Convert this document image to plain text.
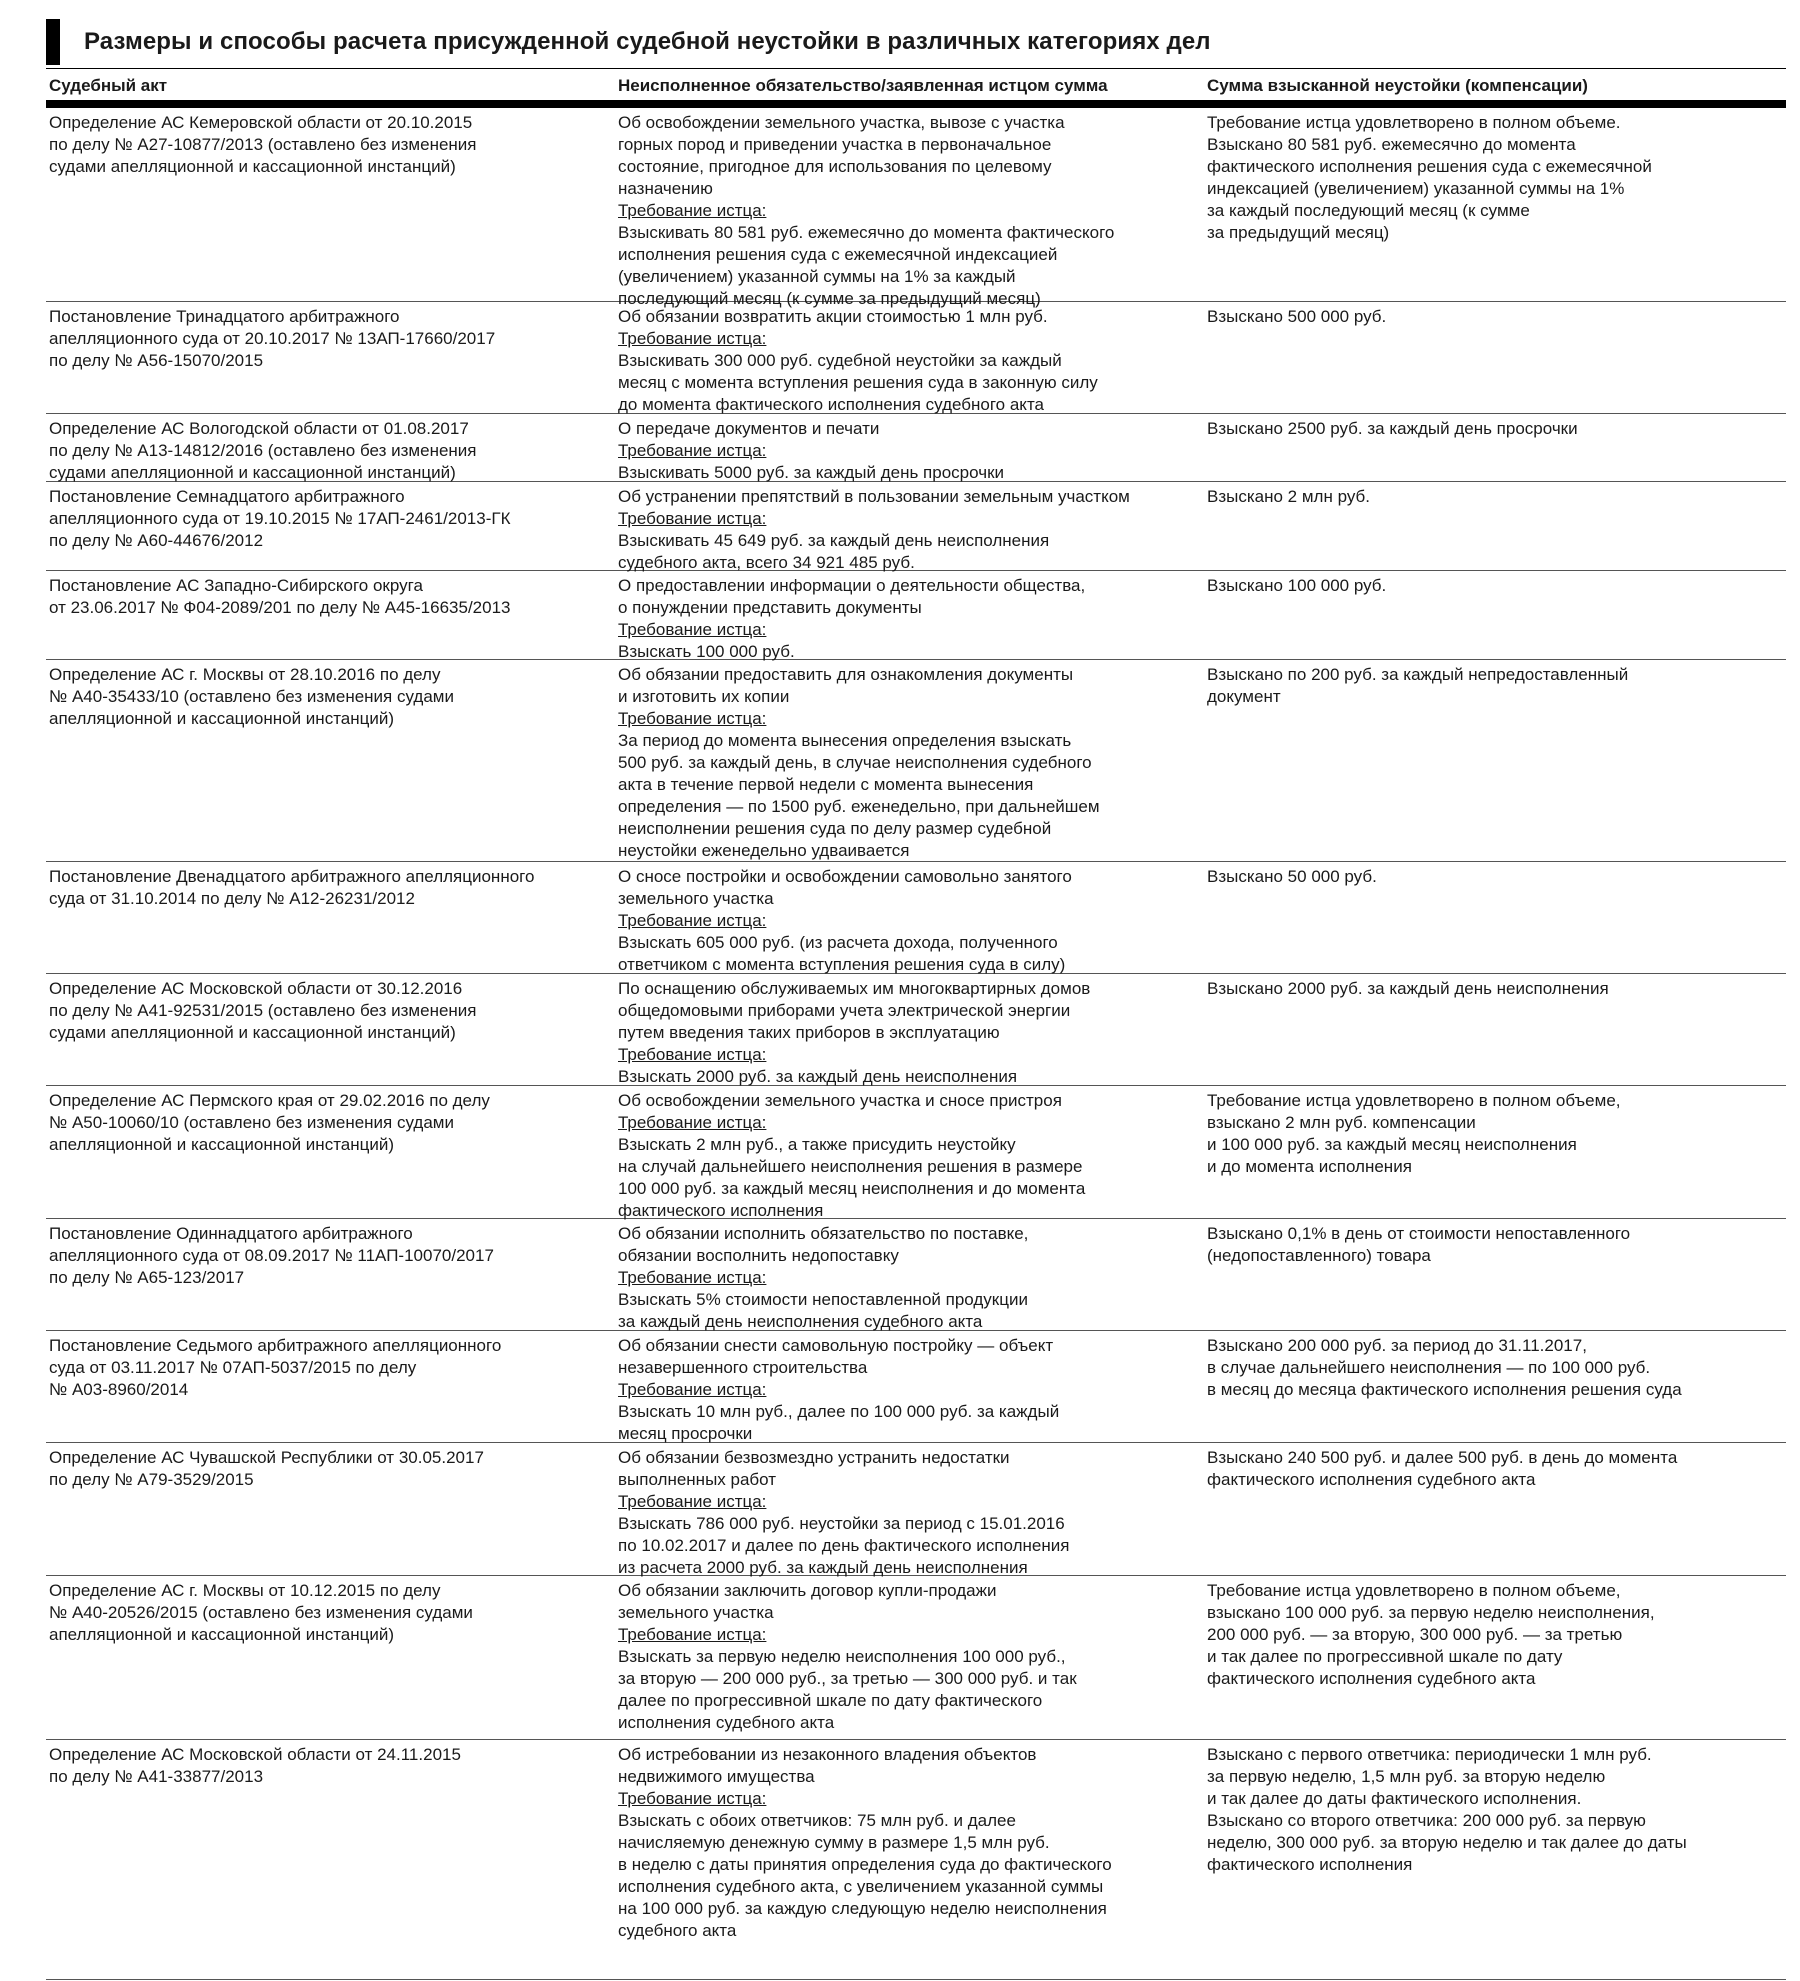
Размеры и способы расчета присужденной судебной неустойки в различных категориях дел
Судебный акт	Неисполненное обязательство/заявленная истцом сумма	Сумма взысканной неустойки (компенсации)
Определение АС Кемеровской области от 20.10.2015
по делу № А27-10877/2013 (оставлено без изменения
судами апелляционной и кассационной инстанций)
Об освобождении земельного участка, вывозе с участка
горных пород и приведении участка в первоначальное
состояние, пригодное для использования по целевому
назначению
Требование истца:
Взыскивать 80 581 руб. ежемесячно до момента фактического
исполнения решения суда с ежемесячной индексацией
(увеличением) указанной суммы на 1% за каждый
последующий месяц (к сумме за предыдущий месяц)
Требование истца удовлетворено в полном объеме.
Взыскано 80 581 руб. ежемесячно до момента
фактического исполнения решения суда с ежемесячной
индексацией (увеличением) указанной суммы на 1%
за каждый последующий месяц (к сумме
за предыдущий месяц)
Постановление Тринадцатого арбитражного
апелляционного суда от 20.10.2017 № 13АП-17660/2017
по делу № А56-15070/2015
Об обязании возвратить акции стоимостью 1 млн руб.
Требование истца:
Взыскивать 300 000 руб. судебной неустойки за каждый
месяц с момента вступления решения суда в законную силу
до момента фактического исполнения судебного акта
Взыскано 500 000 руб.
Определение АС Вологодской области от 01.08.2017
по делу № А13-14812/2016 (оставлено без изменения
судами апелляционной и кассационной инстанций)
О передаче документов и печати
Требование истца:
Взыскивать 5000 руб. за каждый день просрочки
Взыскано 2500 руб. за каждый день просрочки
Постановление Семнадцатого арбитражного
апелляционного суда от 19.10.2015 № 17АП-2461/2013-ГК
по делу № А60-44676/2012
Об устранении препятствий в пользовании земельным участком
Требование истца:
Взыскивать 45 649 руб. за каждый день неисполнения
судебного акта, всего 34 921 485 руб.
Взыскано 2 млн руб.
Постановление АС Западно-Сибирского округа
от 23.06.2017 № Ф04-2089/201 по делу № А45-16635/2013
О предоставлении информации о деятельности общества,
о понуждении представить документы
Требование истца:
Взыскать 100 000 руб.
Взыскано 100 000 руб.
Определение АС г. Москвы от 28.10.2016 по делу
№ А40-35433/10 (оставлено без изменения судами
апелляционной и кассационной инстанций)
Об обязании предоставить для ознакомления документы
и изготовить их копии
Требование истца:
За период до момента вынесения определения взыскать
500 руб. за каждый день, в случае неисполнения судебного
акта в течение первой недели с момента вынесения
определения — по 1500 руб. еженедельно, при дальнейшем
неисполнении решения суда по делу размер судебной
неустойки еженедельно удваивается
Взыскано по 200 руб. за каждый непредоставленный
документ
Постановление Двенадцатого арбитражного апелляционного
суда от 31.10.2014 по делу № А12-26231/2012
О сносе постройки и освобождении самовольно занятого
земельного участка
Требование истца:
Взыскать 605 000 руб. (из расчета дохода, полученного
ответчиком с момента вступления решения суда в силу)
Взыскано 50 000 руб.
Определение АС Московской области от 30.12.2016
по делу № А41-92531/2015 (оставлено без изменения
судами апелляционной и кассационной инстанций)
По оснащению обслуживаемых им многоквартирных домов
общедомовыми приборами учета электрической энергии
путем введения таких приборов в эксплуатацию
Требование истца:
Взыскать 2000 руб. за каждый день неисполнения
Взыскано 2000 руб. за каждый день неисполнения
Определение АС Пермского края от 29.02.2016 по делу
№ А50-10060/10 (оставлено без изменения судами
апелляционной и кассационной инстанций)
Об освобождении земельного участка и сносе пристроя
Требование истца:
Взыскать 2 млн руб., а также присудить неустойку
на случай дальнейшего неисполнения решения в размере
100 000 руб. за каждый месяц неисполнения и до момента
фактического исполнения
Требование истца удовлетворено в полном объеме,
взыскано 2 млн руб. компенсации
и 100 000 руб. за каждый месяц неисполнения
и до момента исполнения
Постановление Одиннадцатого арбитражного
апелляционного суда от 08.09.2017 № 11АП-10070/2017
по делу № А65-123/2017
Об обязании исполнить обязательство по поставке,
обязании восполнить недопоставку
Требование истца:
Взыскать 5% стоимости непоставленной продукции
за каждый день неисполнения судебного акта
Взыскано 0,1% в день от стоимости непоставленного
(недопоставленного) товара
Постановление Седьмого арбитражного апелляционного
суда от 03.11.2017 № 07АП-5037/2015 по делу
№ А03-8960/2014
Об обязании снести самовольную постройку — объект
незавершенного строительства
Требование истца:
Взыскать 10 млн руб., далее по 100 000 руб. за каждый
месяц просрочки
Взыскано 200 000 руб. за период до 31.11.2017,
в случае дальнейшего неисполнения — по 100 000 руб.
в месяц до месяца фактического исполнения решения суда
Определение АС Чувашской Республики от 30.05.2017
по делу № А79-3529/2015
Об обязании безвозмездно устранить недостатки
выполненных работ
Требование истца:
Взыскать 786 000 руб. неустойки за период с 15.01.2016
по 10.02.2017 и далее по день фактического исполнения
из расчета 2000 руб. за каждый день неисполнения
Взыскано 240 500 руб. и далее 500 руб. в день до момента
фактического исполнения судебного акта
Определение АС г. Москвы от 10.12.2015 по делу
№ А40-20526/2015 (оставлено без изменения судами
апелляционной и кассационной инстанций)
Об обязании заключить договор купли-продажи
земельного участка
Требование истца:
Взыскать за первую неделю неисполнения 100 000 руб.,
за вторую — 200 000 руб., за третью — 300 000 руб. и так
далее по прогрессивной шкале по дату фактического
исполнения судебного акта
Требование истца удовлетворено в полном объеме,
взыскано 100 000 руб. за первую неделю неисполнения,
200 000 руб. — за вторую, 300 000 руб. — за третью
и так далее по прогрессивной шкале по дату
фактического исполнения судебного акта
Определение АС Московской области от 24.11.2015
по делу № А41-33877/2013
Об истребовании из незаконного владения объектов
недвижимого имущества
Требование истца:
Взыскать с обоих ответчиков: 75 млн руб. и далее
начисляемую денежную сумму в размере 1,5 млн руб.
в неделю с даты принятия определения суда до фактического
исполнения судебного акта, с увеличением указанной суммы
на 100 000 руб. за каждую следующую неделю неисполнения
судебного акта
Взыскано с первого ответчика: периодически 1 млн руб.
за первую неделю, 1,5 млн руб. за вторую неделю
и так далее до даты фактического исполнения.
Взыскано со второго ответчика: 200 000 руб. за первую
неделю, 300 000 руб. за вторую неделю и так далее до даты
фактического исполнения
